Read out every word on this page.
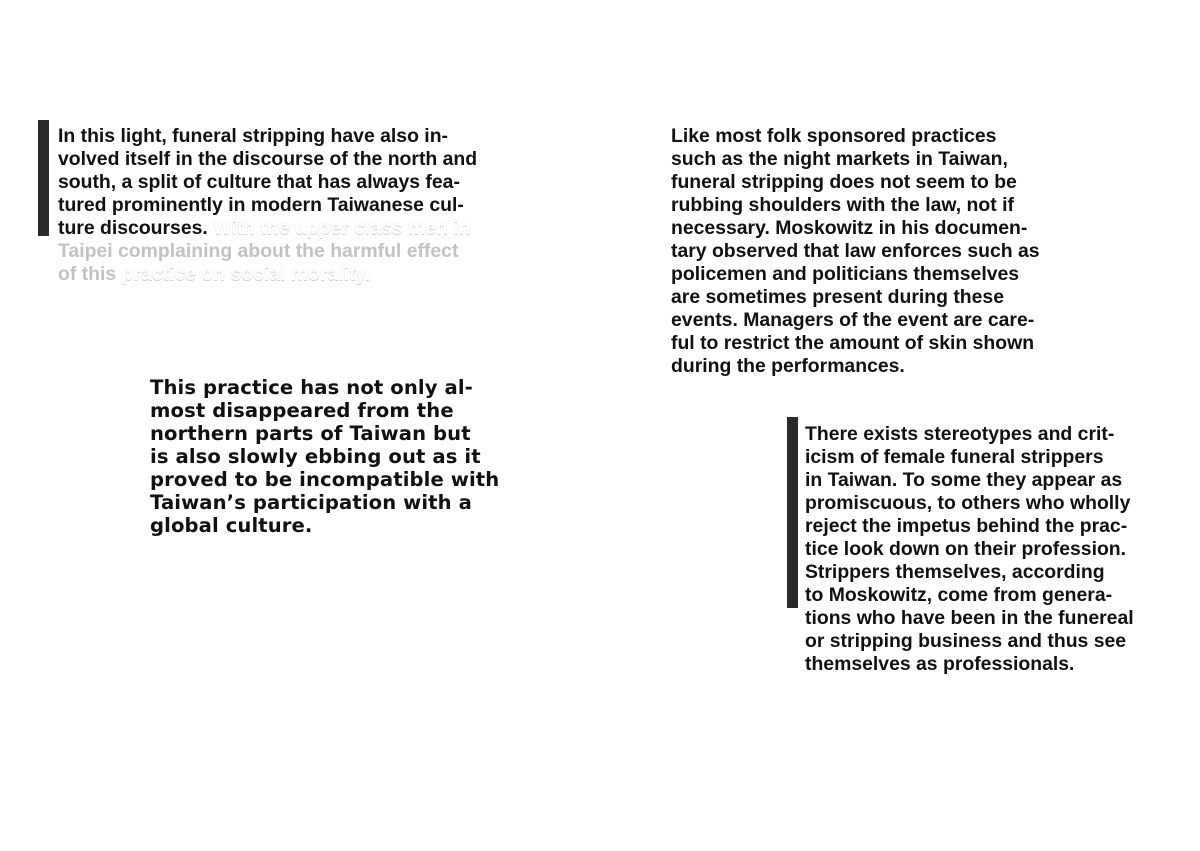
In this light, funeral stripping have also in-
volved itself in the discourse of the north and
south, a split of culture that has always fea-
tured prominently in modern Taiwanese cul-
ture discourses. With the upper class men in
Taipei complaining about the harmful effect
of this practice on social morality.
Like most folk sponsored practices
such as the night markets in Taiwan,
funeral stripping does not seem to be
rubbing shoulders with the law, not if
necessary. Moskowitz in his documen-
tary observed that law enforces such as
policemen and politicians themselves
are sometimes present during these
events. Managers of the event are care-
ful to restrict the amount of skin shown
during the performances.
This practice has not only al-
most disappeared from the
northern parts of Taiwan but
is also slowly ebbing out as it
proved to be incompatible with
Taiwan’s participation with a
global culture.
There exists stereotypes and crit-
icism of female funeral strippers
in Taiwan. To some they appear as
promiscuous, to others who wholly
reject the impetus behind the prac-
tice look down on their profession.
Strippers themselves, according
to Moskowitz, come from genera-
tions who have been in the funereal
or stripping business and thus see
themselves as professionals.
